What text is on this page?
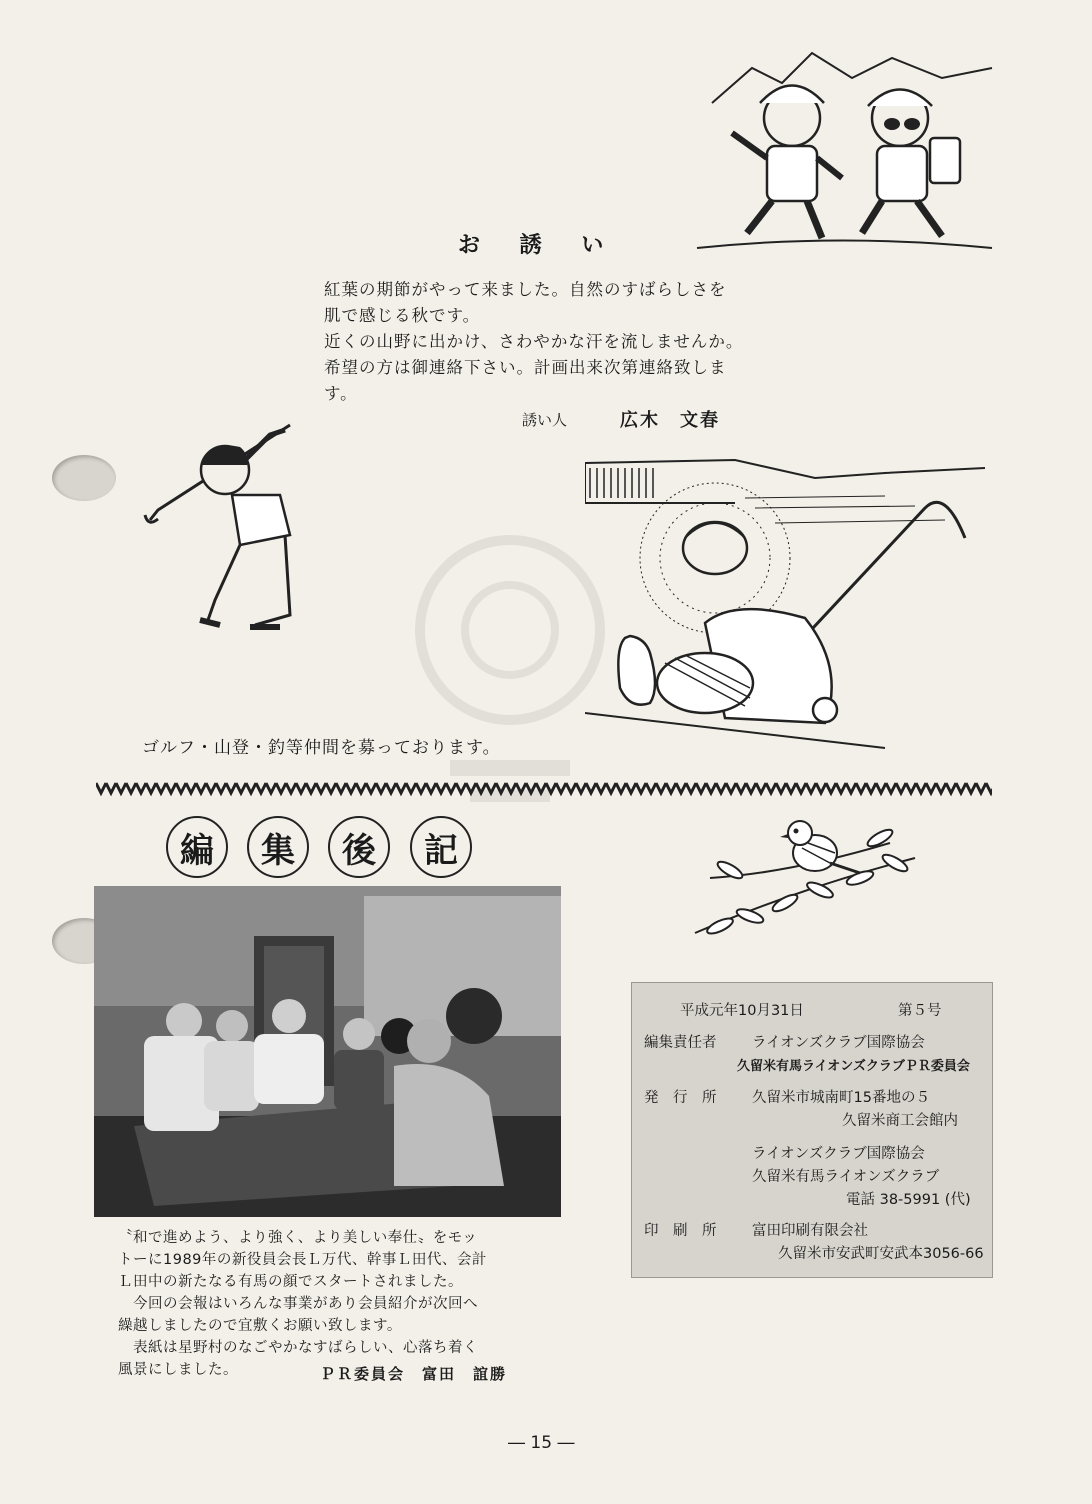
お 誘 い
紅葉の期節がやって来ました。自然のすばらしさを
肌で感じる秋です。
近くの山野に出かけ、さわやかな汗を流しませんか。
希望の方は御連絡下さい。計画出来次第連絡致しま
す。
誘い人	広木　文春
ゴルフ・山登・釣等仲間を募っております。
編	集	後	記
〝和で進めよう、より強く、より美しい奉仕〟をモッ
トーに1989年の新役員会長Ｌ万代、幹事Ｌ田代、会計
Ｌ田中の新たなる有馬の顔でスタートされました。
　今回の会報はいろんな事業があり会員紹介が次回へ
繰越しましたので宜敷くお願い致します。
　表紙は星野村のなごやかなすばらしい、心落ち着く
風景にしました。	ＰＲ委員会　富田　誼勝
平成元年10月31日	第５号
編集責任者 ライオンズクラブ国際協会
久留米有馬ライオンズクラブＰＲ委員会
発　行　所 久留米市城南町15番地の５
久留米商工会館内
ライオンズクラブ国際協会
久留米有馬ライオンズクラブ
電話 38-5991 (代)
印　刷　所 富田印刷有限会社
久留米市安武町安武本3056-66
― 15 ―
